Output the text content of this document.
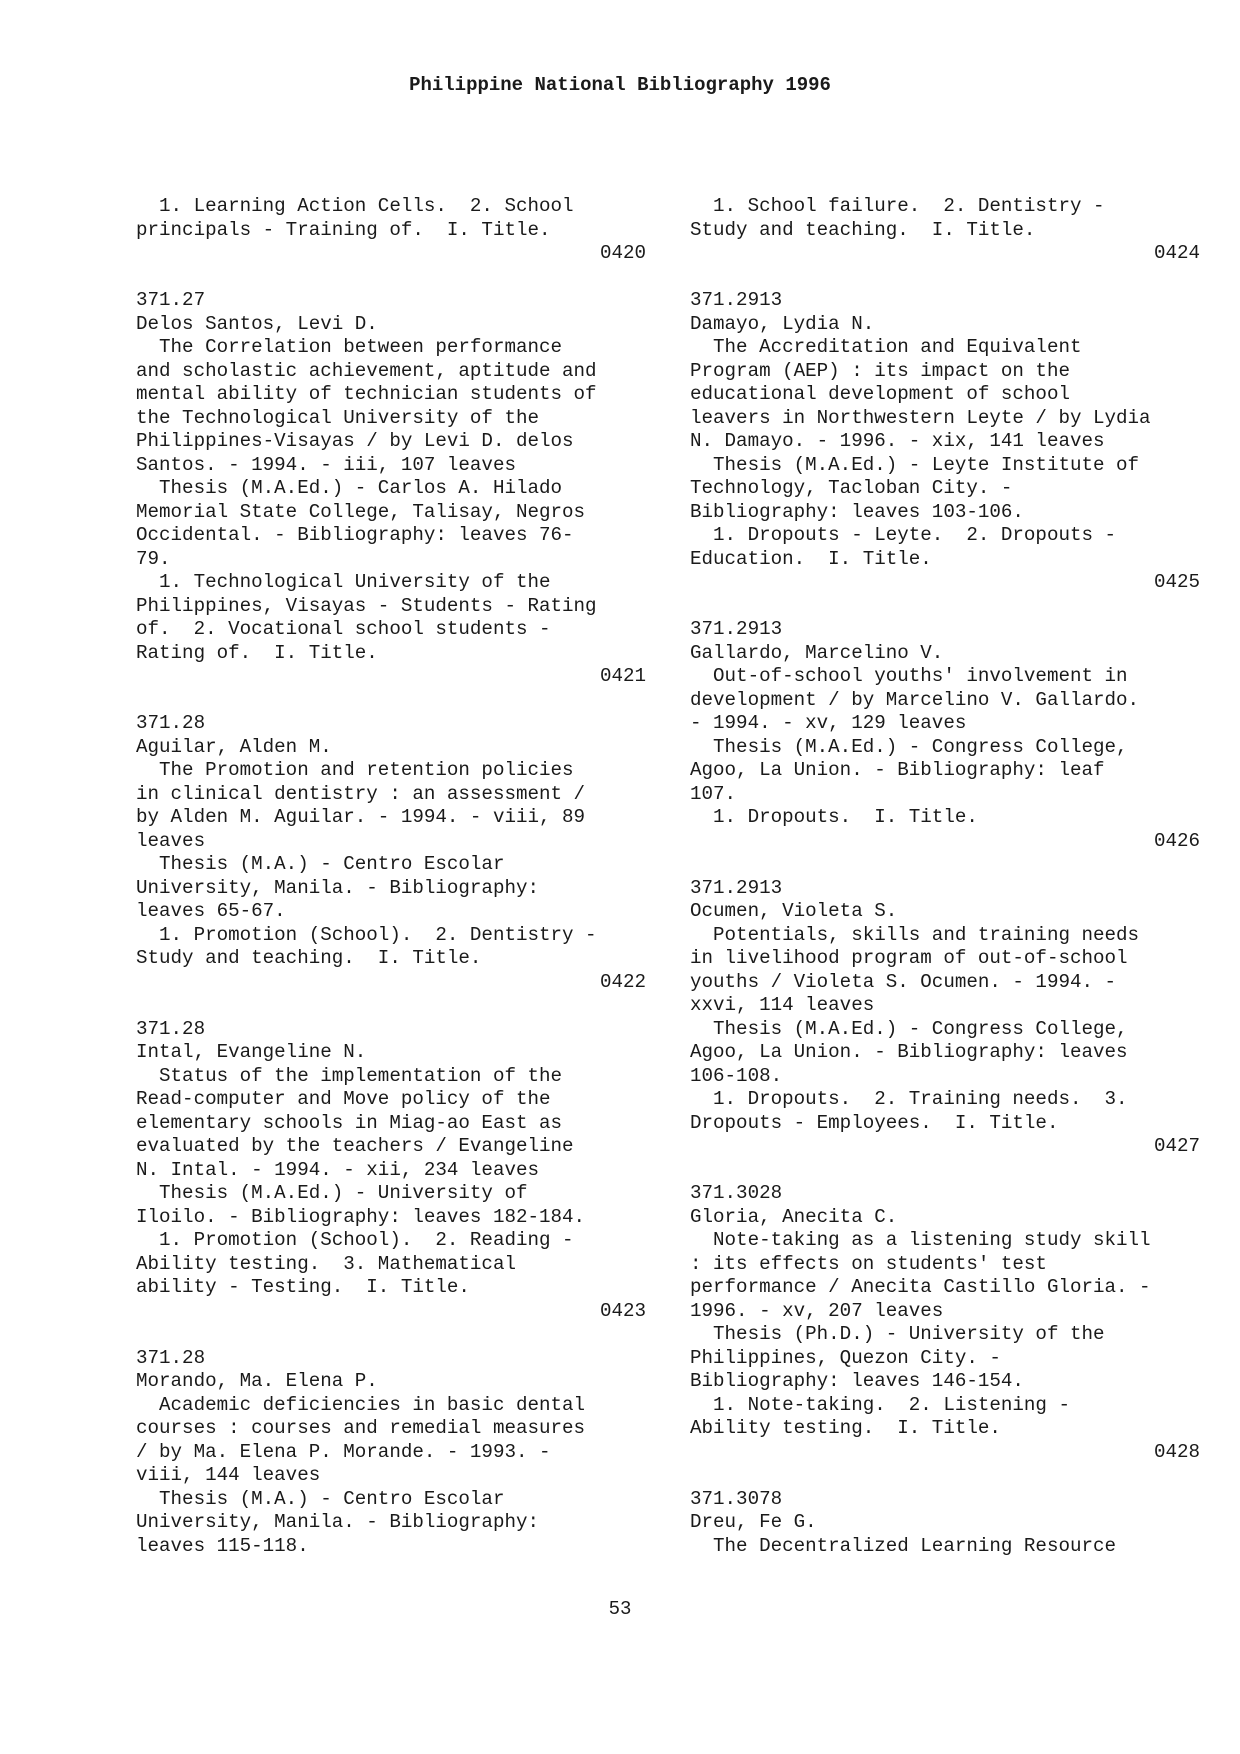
Philippine National Bibliography 1996
1. Learning Action Cells.  2. School
principals - Training of.  I. Title.
0420
371.27
Delos Santos, Levi D.
The Correlation between performance
and scholastic achievement, aptitude and
mental ability of technician students of
the Technological University of the
Philippines-Visayas / by Levi D. delos
Santos. - 1994. - iii, 107 leaves
Thesis (M.A.Ed.) - Carlos A. Hilado
Memorial State College, Talisay, Negros
Occidental. - Bibliography: leaves 76-
79.
1. Technological University of the
Philippines, Visayas - Students - Rating
of.  2. Vocational school students -
Rating of.  I. Title.
0421
371.28
Aguilar, Alden M.
The Promotion and retention policies
in clinical dentistry : an assessment /
by Alden M. Aguilar. - 1994. - viii, 89
leaves
Thesis (M.A.) - Centro Escolar
University, Manila. - Bibliography:
leaves 65-67.
1. Promotion (School).  2. Dentistry -
Study and teaching.  I. Title.
0422
371.28
Intal, Evangeline N.
Status of the implementation of the
Read-computer and Move policy of the
elementary schools in Miag-ao East as
evaluated by the teachers / Evangeline
N. Intal. - 1994. - xii, 234 leaves
Thesis (M.A.Ed.) - University of
Iloilo. - Bibliography: leaves 182-184.
1. Promotion (School).  2. Reading -
Ability testing.  3. Mathematical
ability - Testing.  I. Title.
0423
371.28
Morando, Ma. Elena P.
Academic deficiencies in basic dental
courses : courses and remedial measures
/ by Ma. Elena P. Morande. - 1993. -
viii, 144 leaves
Thesis (M.A.) - Centro Escolar
University, Manila. - Bibliography:
leaves 115-118.
1. School failure.  2. Dentistry -
Study and teaching.  I. Title.
0424
371.2913
Damayo, Lydia N.
The Accreditation and Equivalent
Program (AEP) : its impact on the
educational development of school
leavers in Northwestern Leyte / by Lydia
N. Damayo. - 1996. - xix, 141 leaves
Thesis (M.A.Ed.) - Leyte Institute of
Technology, Tacloban City. -
Bibliography: leaves 103-106.
1. Dropouts - Leyte.  2. Dropouts -
Education.  I. Title.
0425
371.2913
Gallardo, Marcelino V.
Out-of-school youths' involvement in
development / by Marcelino V. Gallardo.
- 1994. - xv, 129 leaves
Thesis (M.A.Ed.) - Congress College,
Agoo, La Union. - Bibliography: leaf
107.
1. Dropouts.  I. Title.
0426
371.2913
Ocumen, Violeta S.
Potentials, skills and training needs
in livelihood program of out-of-school
youths / Violeta S. Ocumen. - 1994. -
xxvi, 114 leaves
Thesis (M.A.Ed.) - Congress College,
Agoo, La Union. - Bibliography: leaves
106-108.
1. Dropouts.  2. Training needs.  3.
Dropouts - Employees.  I. Title.
0427
371.3028
Gloria, Anecita C.
Note-taking as a listening study skill
: its effects on students' test
performance / Anecita Castillo Gloria. -
1996. - xv, 207 leaves
Thesis (Ph.D.) - University of the
Philippines, Quezon City. -
Bibliography: leaves 146-154.
1. Note-taking.  2. Listening -
Ability testing.  I. Title.
0428
371.3078
Dreu, Fe G.
The Decentralized Learning Resource
53
